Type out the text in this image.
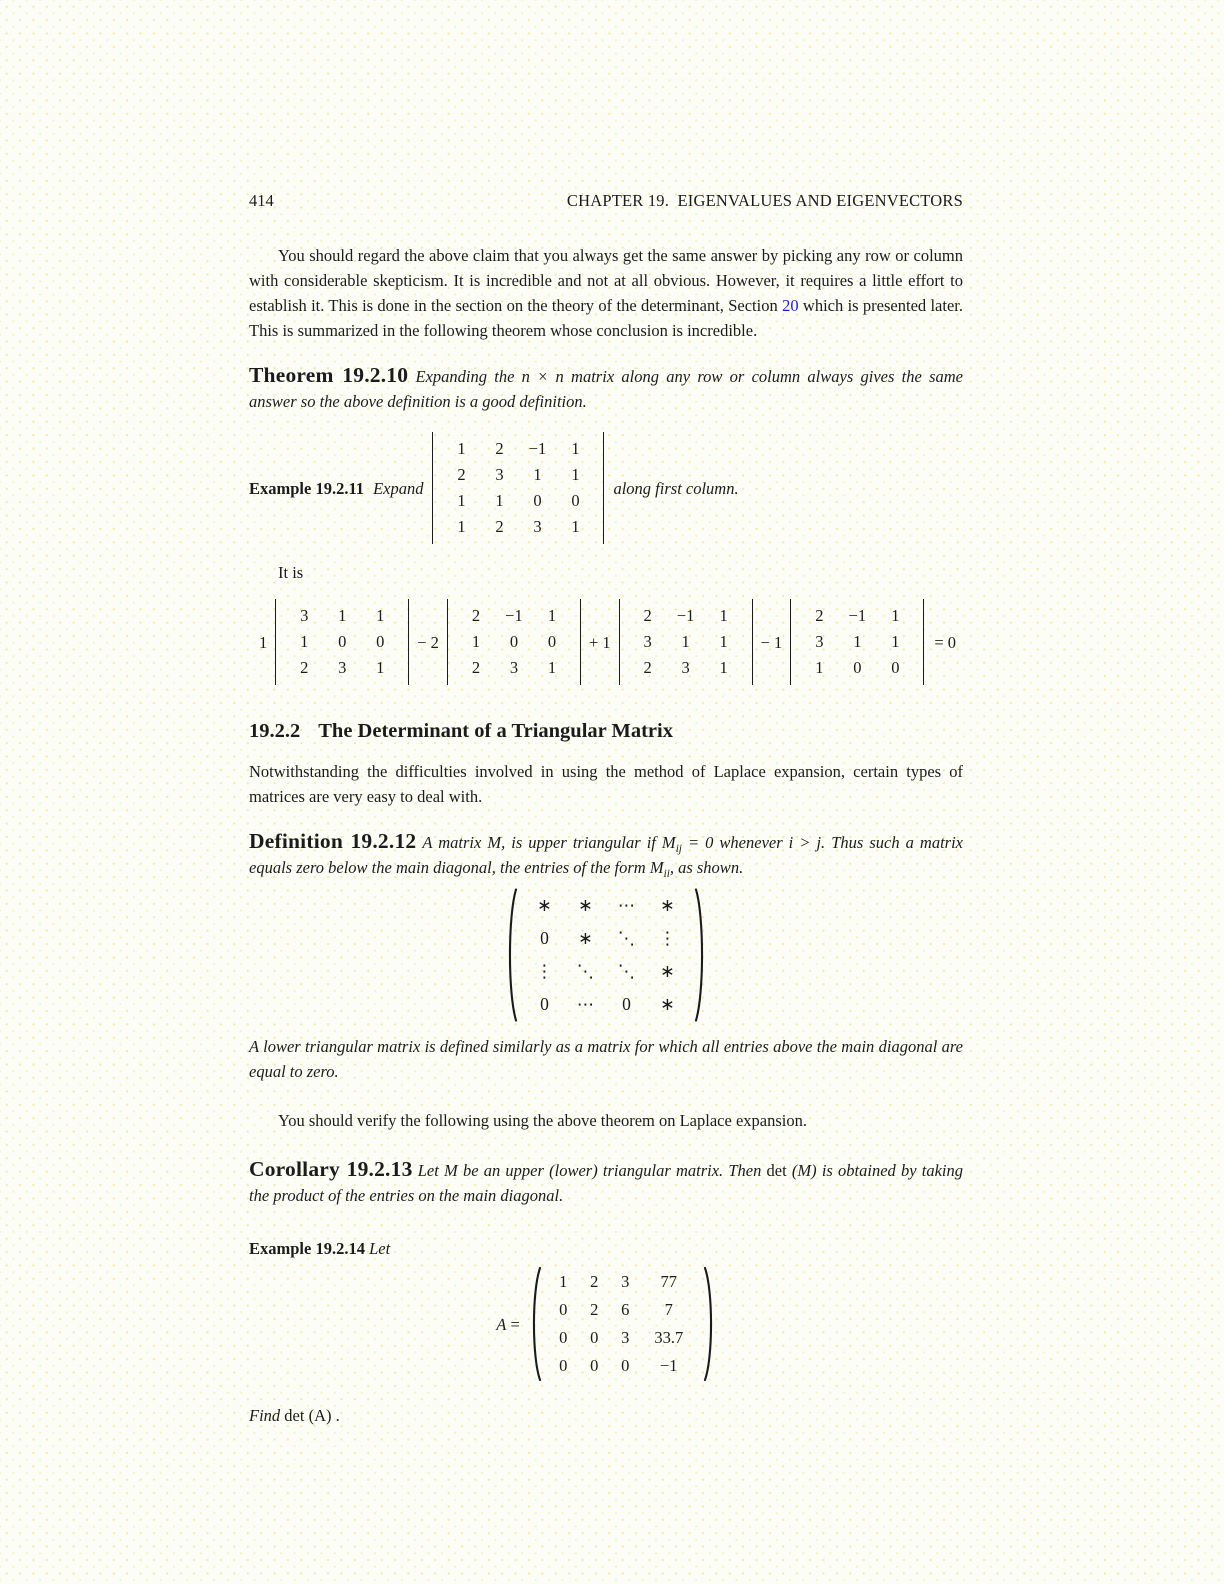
414	CHAPTER 19. EIGENVALUES AND EIGENVECTORS

You should regard the above claim that you always get the same answer by picking any row or column with considerable skepticism. It is incredible and not at all obvious. However, it requires a little effort to establish it. This is done in the section on the theory of the determinant, Section 20 which is presented later. This is summarized in the following theorem whose conclusion is incredible.

Theorem 19.2.10 Expanding the n × n matrix along any row or column always gives the same answer so the above definition is a good definition.

Example 19.2.11 Expand
1	2	−1	1
2	3	1	1
1	1	0	0
1	2	3	1
along first column.

It is

1
3	1	1
1	0	0
2	3	1
− 2
2	−1	1
1	0	0
2	3	1
+ 1
2	−1	1
3	1	1
2	3	1
− 1
2	−1	1
3	1	1
1	0	0
= 0
19.2.2 The Determinant of a Triangular Matrix

Notwithstanding the difficulties involved in using the method of Laplace expansion, certain types of matrices are very easy to deal with.

Definition 19.2.12 A matrix M, is upper triangular if $M_{ij} = 0$ whenever i > j. Thus such a matrix equals zero below the main diagonal, the entries of the form $M_{ii}$, as shown.

∗	∗	⋯	∗
0	∗	⋱	⋮
⋮	⋱	⋱	∗
0	⋯	0	∗

A lower triangular matrix is defined similarly as a matrix for which all entries above the main diagonal are equal to zero.

You should verify the following using the above theorem on Laplace expansion.

Corollary 19.2.13 Let M be an upper (lower) triangular matrix. Then det (M) is obtained by taking the product of the entries on the main diagonal.

Example 19.2.14 Let

A =
1	2	3	77
0	2	6	7
0	0	3	33.7
0	0	0	−1

Find det (A) .
